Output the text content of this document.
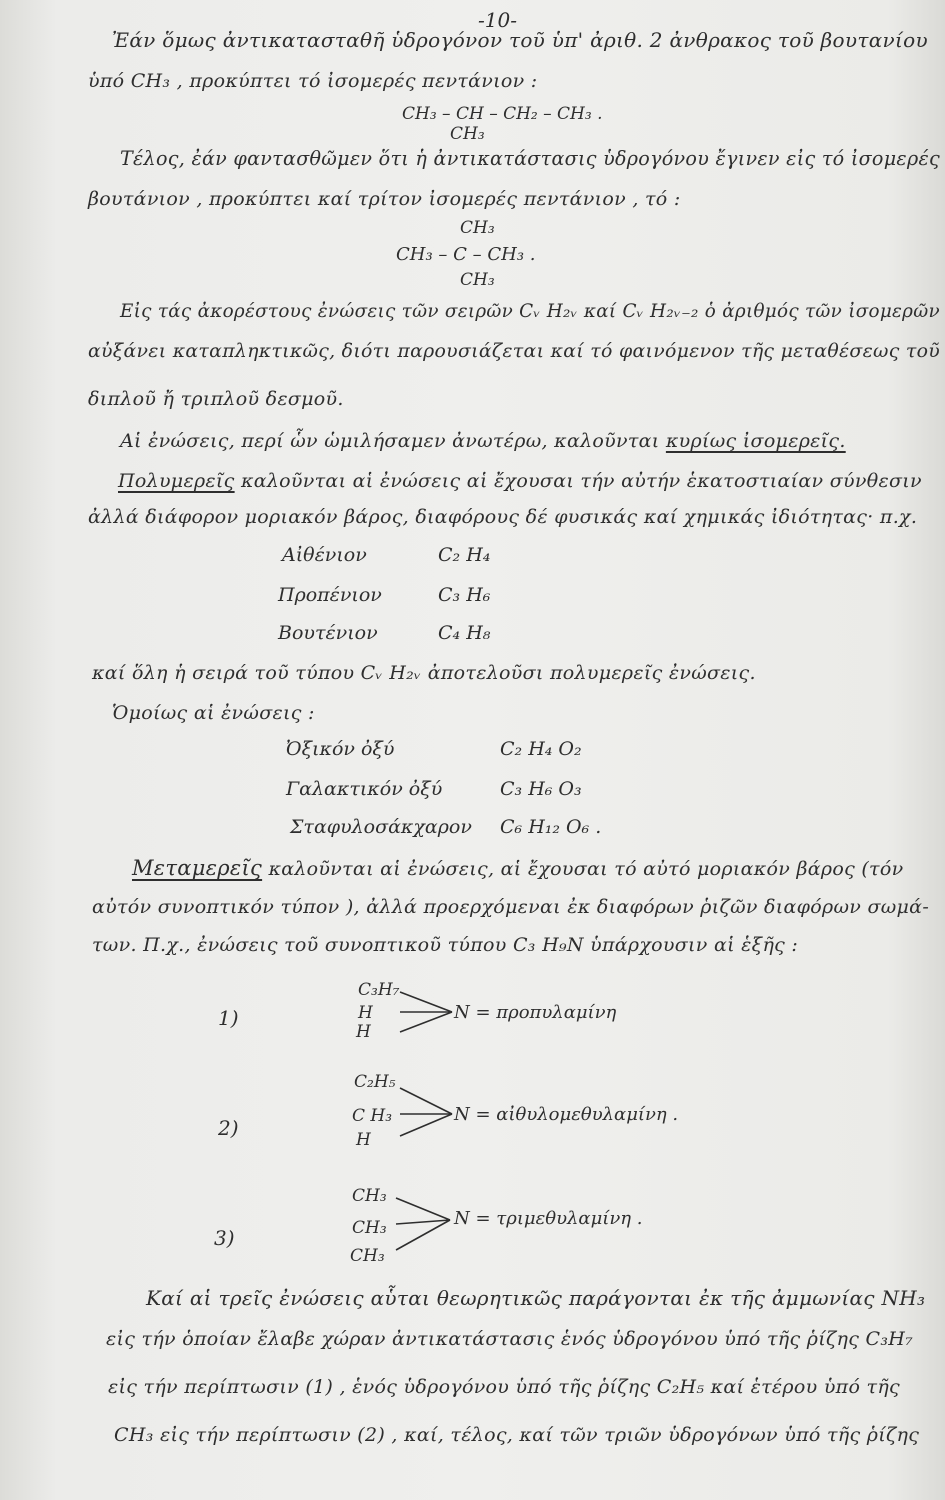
-10-
Ἐάν ὅμως ἀντικατασταθῆ ὑδρογόνον τοῦ ὑπ' ἀριθ. 2 ἀνθρακος τοῦ βουτανίου
ὑπό CH₃ , προκύπτει τό ἰσομερές πεντάνιον :
CH₃ – CH – CH₂ – CH₃ .
CH₃
Τέλος, ἐάν φαντασθῶμεν ὅτι ἡ ἀντικατάστασις ὑδρογόνου ἔγινεν εἰς τό ἰσομερές
βουτάνιον , προκύπτει καί τρίτον ἰσομερές πεντάνιον , τό :
CH₃
CH₃ – C – CH₃ .
CH₃
Εἰς τάς ἀκορέστους ἐνώσεις τῶν σειρῶν Cᵥ H₂ᵥ καί Cᵥ H₂ᵥ₋₂ ὁ ἀριθμός τῶν ἰσομερῶν
αὐξάνει καταπληκτικῶς, διότι παρουσιάζεται καί τό φαινόμενον τῆς μεταθέσεως τοῦ
διπλοῦ ἤ τριπλοῦ δεσμοῦ.
Αἱ ἐνώσεις, περί ὧν ὡμιλήσαμεν ἀνωτέρω, καλοῦνται κυρίως ἰσομερεῖς.
Πολυμερεῖς καλοῦνται αἱ ἐνώσεις αἱ ἔχουσαι τήν αὐτήν ἑκατοστιαίαν σύνθεσιν
ἀλλά διάφορον μοριακόν βάρος, διαφόρους δέ φυσικάς καί χημικάς ἰδιότητας· π.χ.
Αἰθένιον	C₂ H₄
Προπένιον	C₃ H₆
Βουτένιον	C₄ H₈
καί ὅλη ἡ σειρά τοῦ τύπου Cᵥ H₂ᵥ ἀποτελοῦσι πολυμερεῖς ἐνώσεις.
Ὁμοίως αἱ ἐνώσεις :
Ὀξικόν ὀξύ	C₂ H₄ O₂
Γαλακτικόν ὀξύ	C₃ H₆ O₃
Σταφυλοσάκχαρον C₆ H₁₂ O₆ .
Μεταμερεῖς καλοῦνται αἱ ἐνώσεις, αἱ ἔχουσαι τό αὐτό μοριακόν βάρος (τόν
αὐτόν συνοπτικόν τύπον ), ἀλλά προερχόμεναι ἐκ διαφόρων ῥιζῶν διαφόρων σωμά-
των. Π.χ., ἐνώσεις τοῦ συνοπτικοῦ τύπου C₃ H₉N ὑπάρχουσιν αἱ ἑξῆς :
1)
C₃H₇
H
H
N = προπυλαμίνη
2)
C₂H₅
C H₃
H
N = αἰθυλομεθυλαμίνη .
3)
CH₃
CH₃
CH₃
N = τριμεθυλαμίνη .
Καί αἱ τρεῖς ἐνώσεις αὗται θεωρητικῶς παράγονται ἐκ τῆς ἀμμωνίας NH₃
εἰς τήν ὁποίαν ἔλαβε χώραν ἀντικατάστασις ἑνός ὑδρογόνου ὑπό τῆς ῥίζης C₃H₇
εἰς τήν περίπτωσιν (1) , ἑνός ὑδρογόνου ὑπό τῆς ῥίζης C₂H₅ καί ἑτέρου ὑπό τῆς
CH₃ εἰς τήν περίπτωσιν (2) , καί, τέλος, καί τῶν τριῶν ὑδρογόνων ὑπό τῆς ῥίζης
